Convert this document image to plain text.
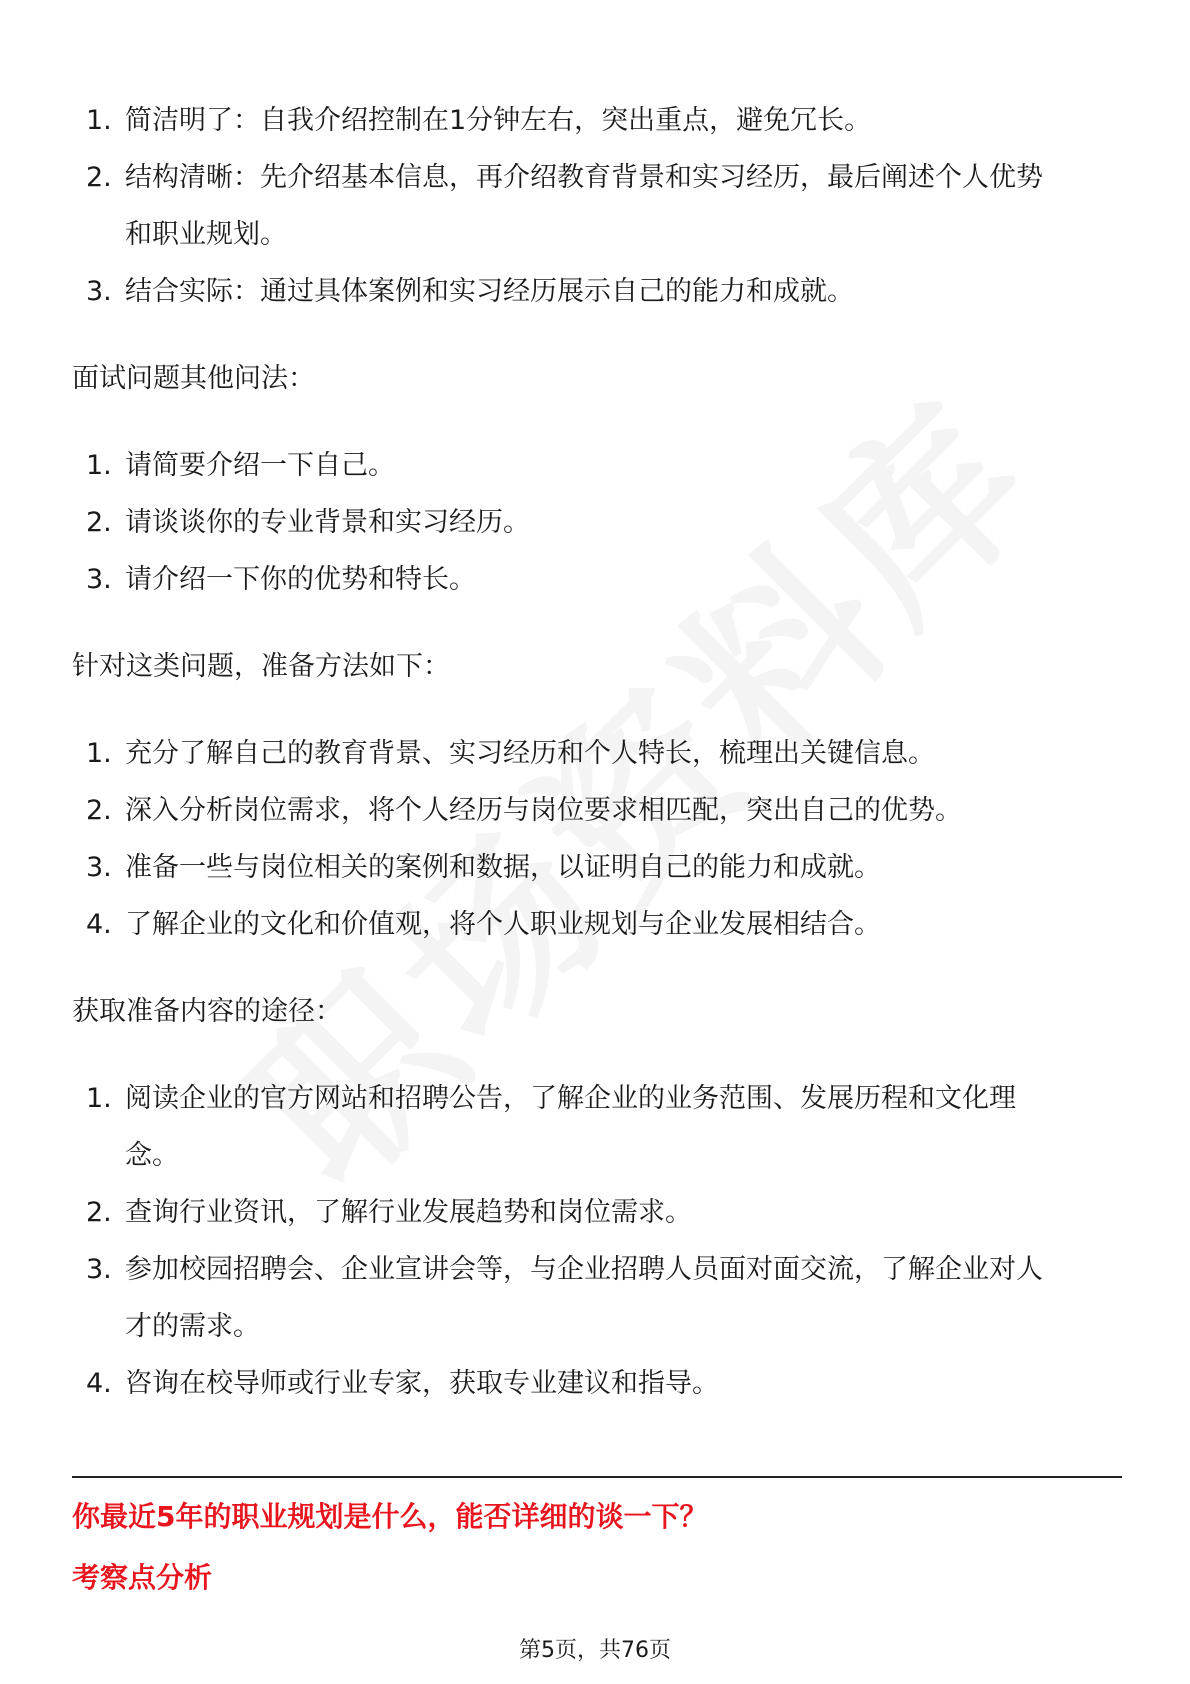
1. 简洁明了：自我介绍控制在1分钟左右，突出重点，避免冗长。
2. 结构清晰：先介绍基本信息，再介绍教育背景和实习经历，最后阐述个人优势
和职业规划。
3. 结合实际：通过具体案例和实习经历展示自己的能力和成就。

面试问题其他问法：

1. 请简要介绍一下自己。
2. 请谈谈你的专业背景和实习经历。
3. 请介绍一下你的优势和特长。

针对这类问题，准备方法如下：

1. 充分了解自己的教育背景、实习经历和个人特长，梳理出关键信息。
2. 深入分析岗位需求，将个人经历与岗位要求相匹配，突出自己的优势。
3. 准备一些与岗位相关的案例和数据，以证明自己的能力和成就。
4. 了解企业的文化和价值观，将个人职业规划与企业发展相结合。

获取准备内容的途径：

1. 阅读企业的官方网站和招聘公告，了解企业的业务范围、发展历程和文化理
念。
2. 查询行业资讯，了解行业发展趋势和岗位需求。
3. 参加校园招聘会、企业宣讲会等，与企业招聘人员面对面交流，了解企业对人
才的需求。
4. 咨询在校导师或行业专家，获取专业建议和指导。
你最近5年的职业规划是什么，能否详细的谈一下？
考察点分析
第5页，共76页
